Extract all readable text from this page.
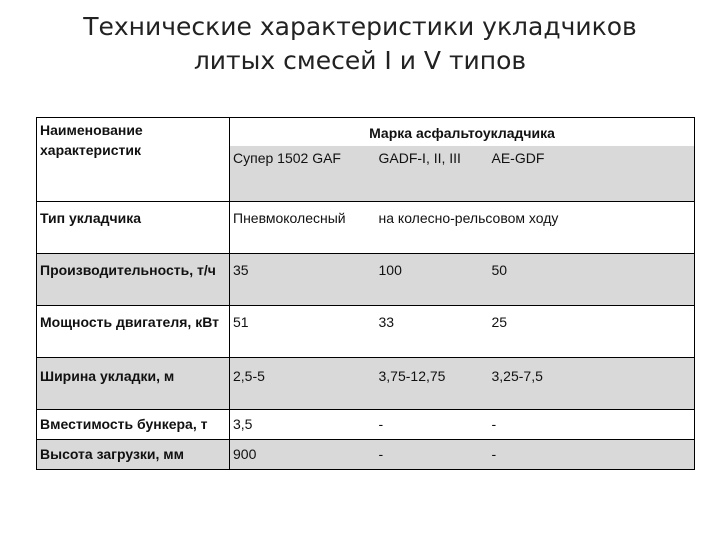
Технические характеристики укладчиков
литых смесей I и V типов
Наименование характеристик	Марка асфальтоукладчика		
	Супер 1502 GAF	GADF-I, II, III	AE-GDF
Тип укладчика	Пневмоколесный	на колесно-рельсовом ходу	
Производительность, т/ч	35	100	50
Мощность двигателя, кВт	51	33	25
Ширина укладки, м	2,5-5	3,75-12,75	3,25-7,5
Вместимость бункера, т	3,5	-	-
Высота загрузки, мм	900	-	-
